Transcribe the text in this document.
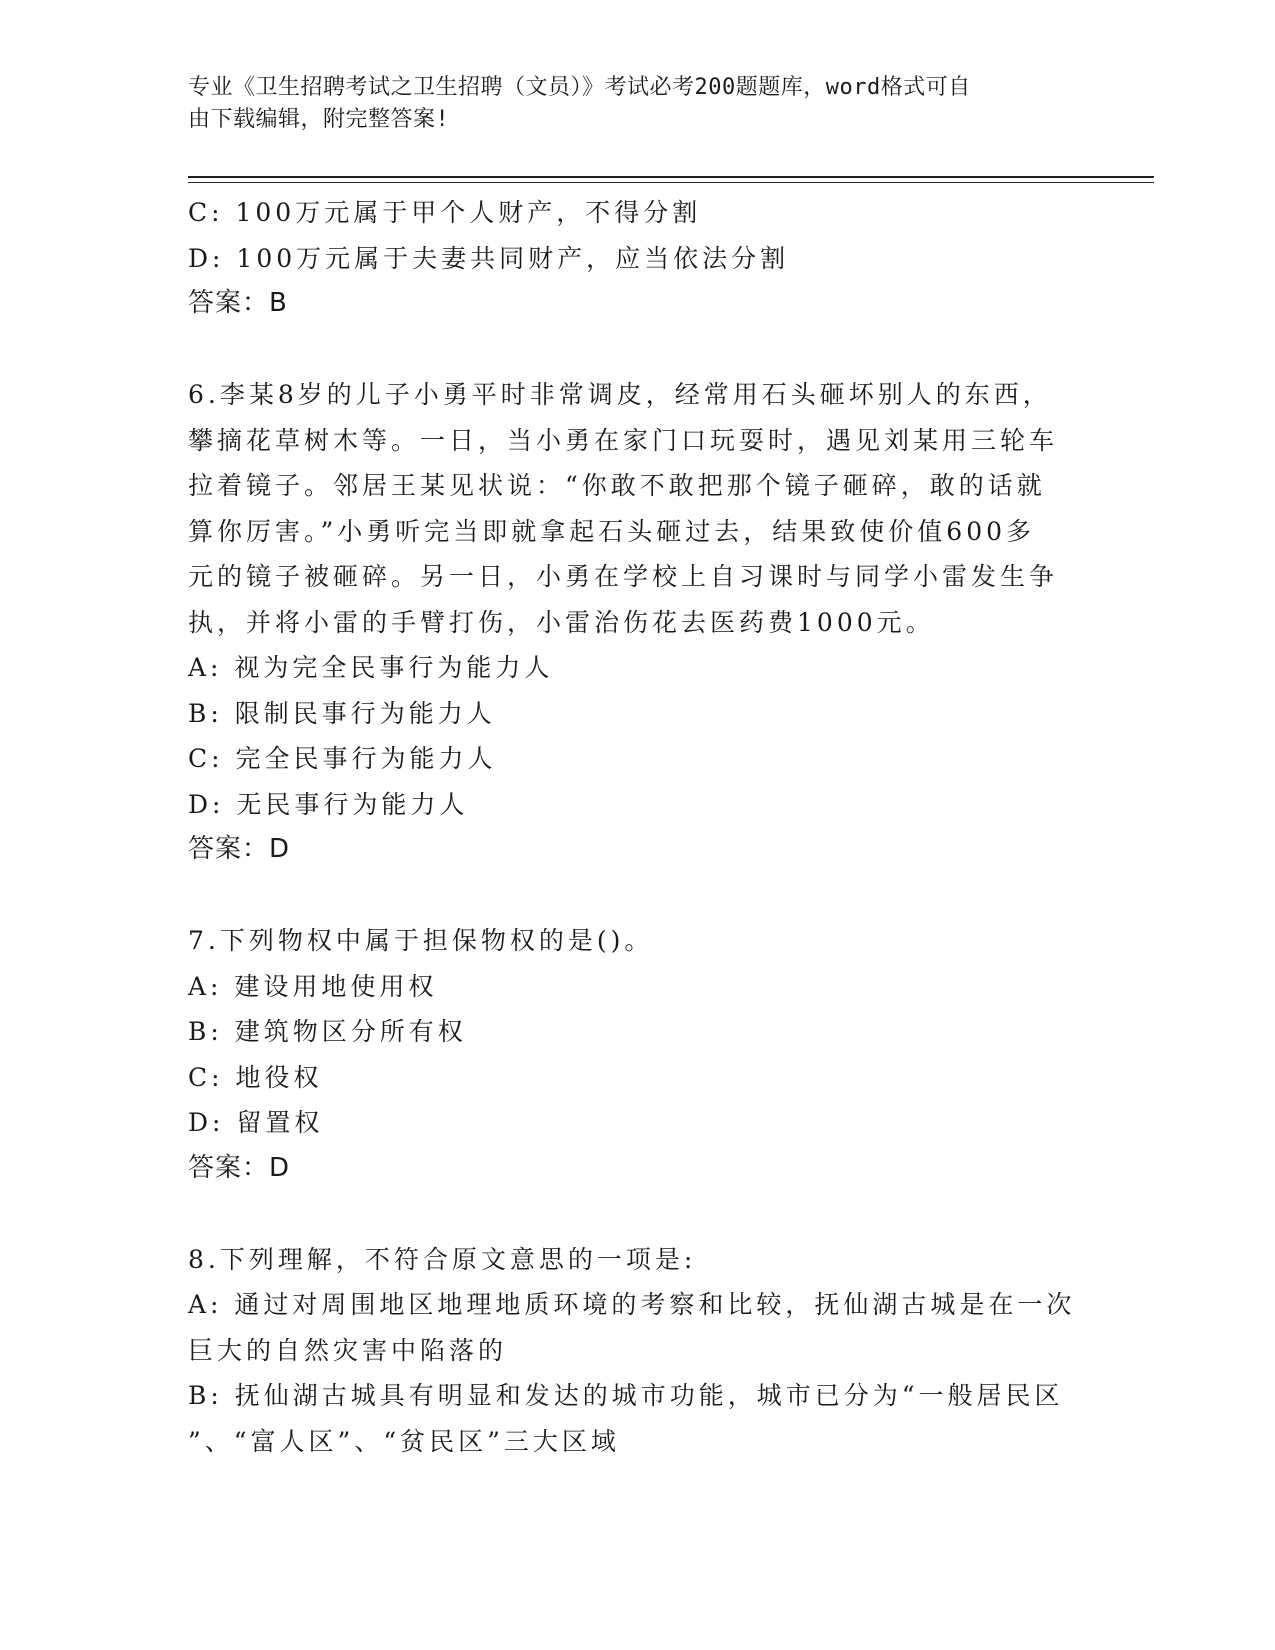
专业《卫生招聘考试之卫生招聘（文员）》考试必考200题题库，word格式可自
由下载编辑，附完整答案!
C: 100万元属于甲个人财产，不得分割
D: 100万元属于夫妻共同财产，应当依法分割
答案：B
6.李某8岁的儿子小勇平时非常调皮，经常用石头砸坏别人的东西，
攀摘花草树木等。一日，当小勇在家门口玩耍时，遇见刘某用三轮车
拉着镜子。邻居王某见状说：“你敢不敢把那个镜子砸碎，敢的话就
算你厉害。”小勇听完当即就拿起石头砸过去，结果致使价值600多
元的镜子被砸碎。另一日，小勇在学校上自习课时与同学小雷发生争
执，并将小雷的手臂打伤，小雷治伤花去医药费1000元。
A: 视为完全民事行为能力人
B: 限制民事行为能力人
C: 完全民事行为能力人
D: 无民事行为能力人
答案：D
7.下列物权中属于担保物权的是()。
A: 建设用地使用权
B: 建筑物区分所有权
C: 地役权
D: 留置权
答案：D
8.下列理解，不符合原文意思的一项是:
A: 通过对周围地区地理地质环境的考察和比较，抚仙湖古城是在一次
巨大的自然灾害中陷落的
B: 抚仙湖古城具有明显和发达的城市功能，城市已分为“一般居民区
”、“富人区”、“贫民区”三大区域
